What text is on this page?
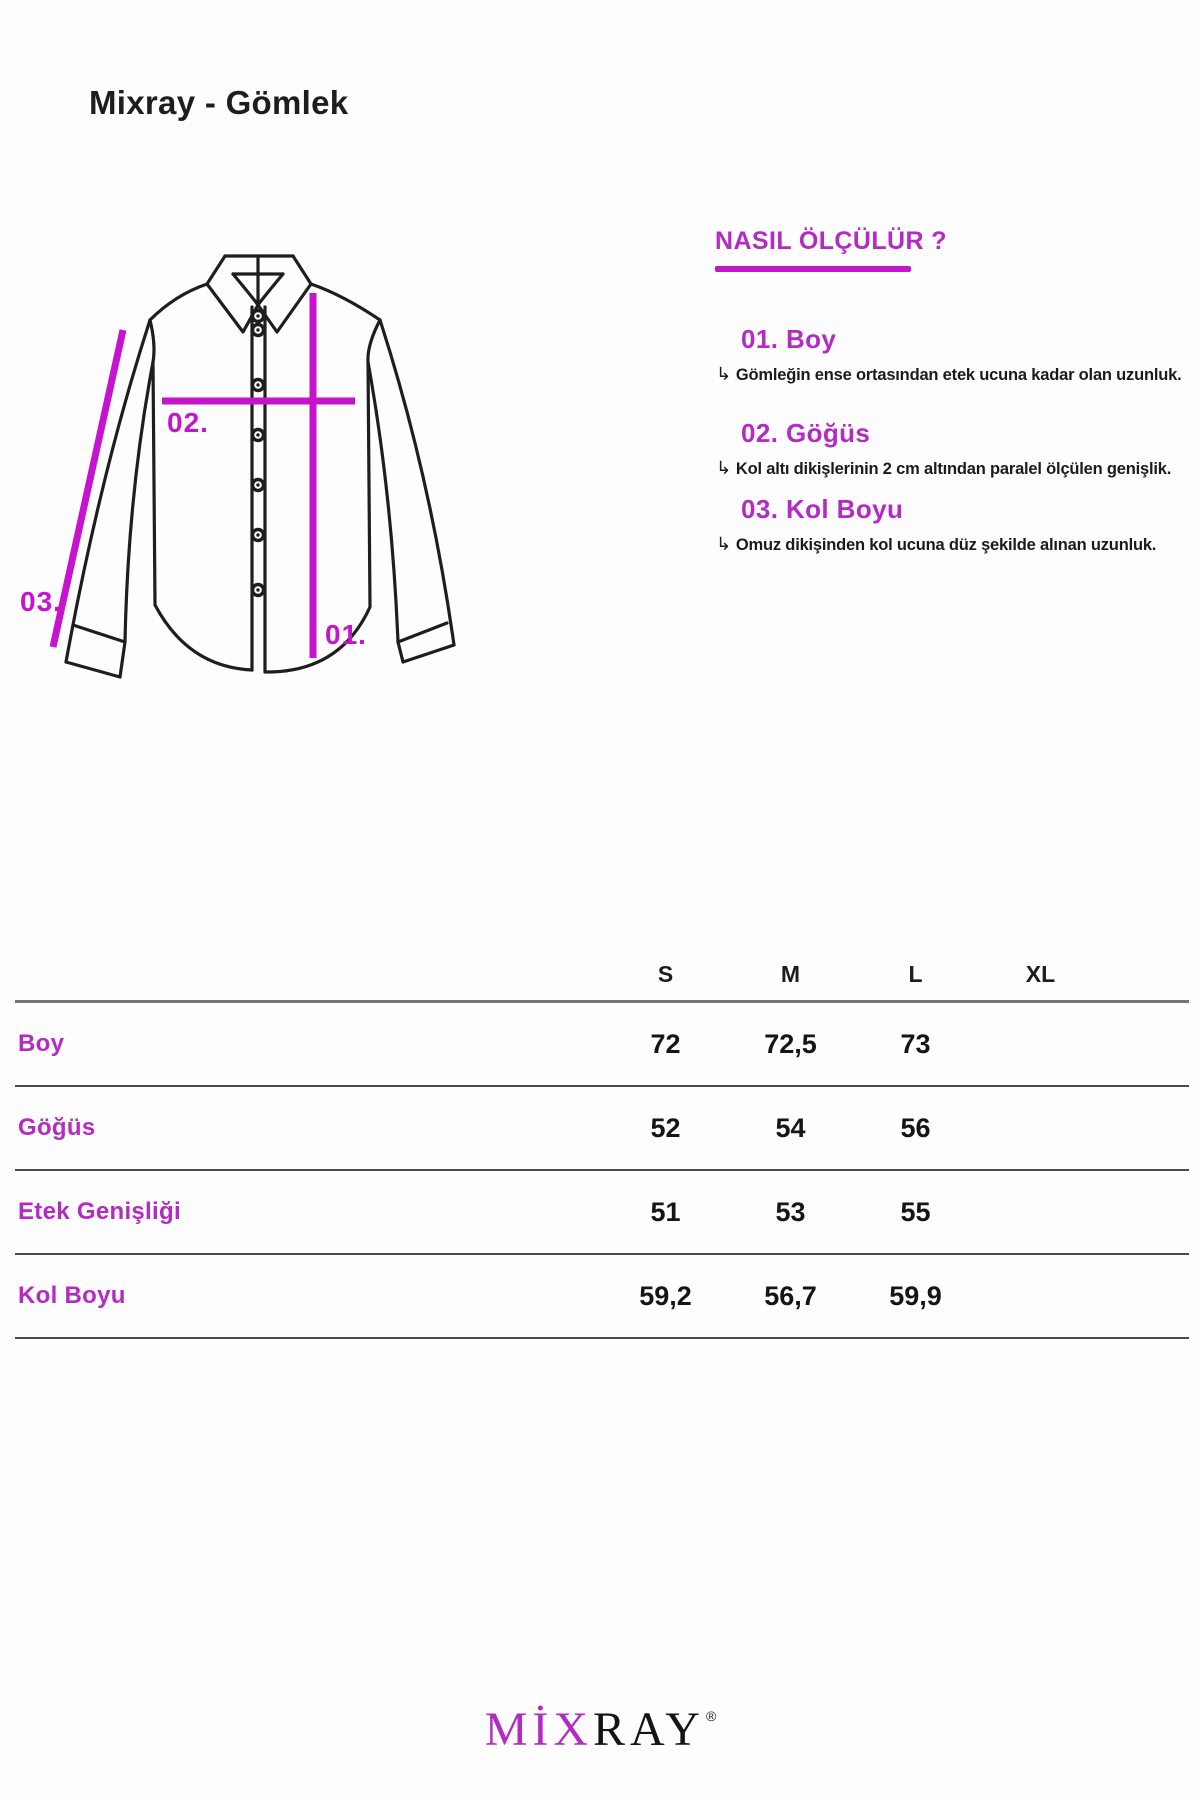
Mixray - Gömlek
02.
01.
03.
NASIL ÖLÇÜLÜR ?
01. Boy

↳ Gömleğin ense ortasından etek ucuna kadar olan uzunluk.

02. Göğüs

↳ Kol altı dikişlerinin 2 cm altından paralel ölçülen genişlik.

03. Kol Boyu

↳ Omuz dikişinden kol ucuna düz şekilde alınan uzunluk.

S	M	L	XL
Boy	72	72,5	73
Göğüs	52	54	56
Etek Genişliği	51	53	55
Kol Boyu	59,2	56,7	59,9
MİXRAY®
